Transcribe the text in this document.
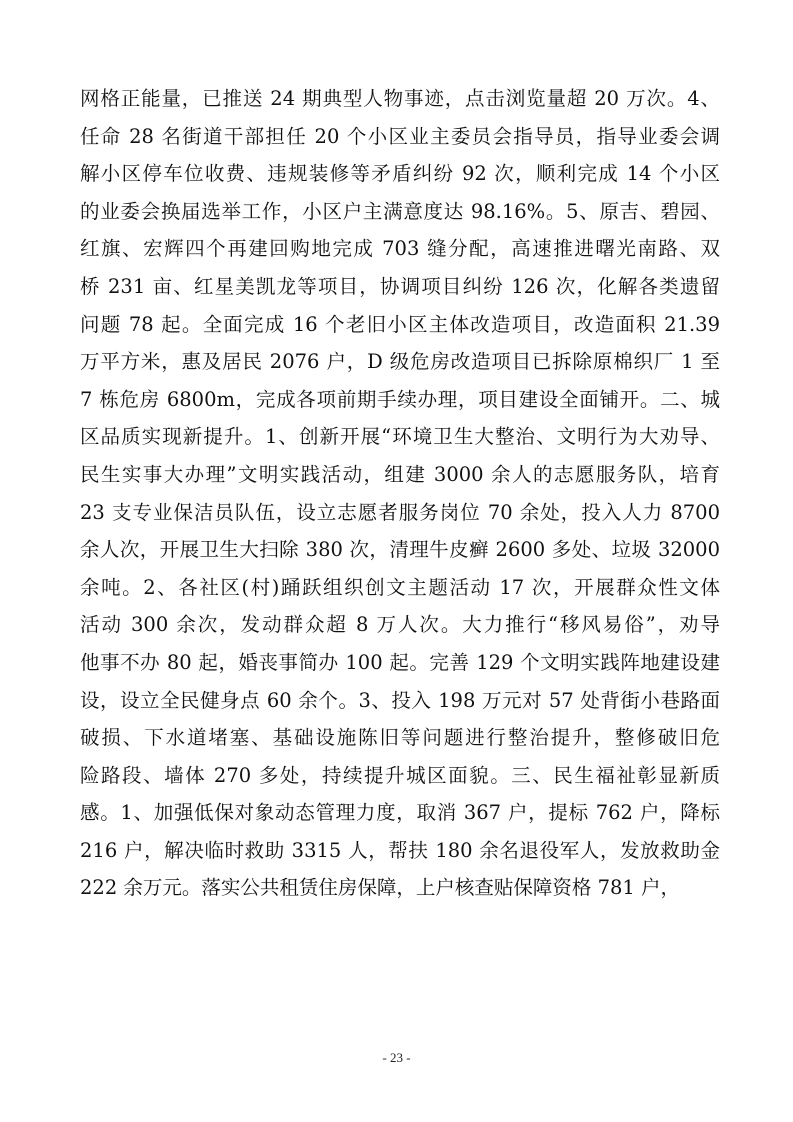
网格正能量，已推送 24 期典型人物事迹，点击浏览量超 20 万次。4、
任命 28 名街道干部担任 20 个小区业主委员会指导员，指导业委会调
解小区停车位收费、违规装修等矛盾纠纷 92 次，顺利完成 14 个小区
的业委会换届选举工作，小区户主满意度达 98.16%。5、原吉、碧园、
红旗、宏辉四个再建回购地完成 703 缝分配，高速推进曙光南路、双
桥 231 亩、红星美凯龙等项目，协调项目纠纷 126 次，化解各类遗留
问题 78 起。全面完成 16 个老旧小区主体改造项目，改造面积 21.39
万平方米，惠及居民 2076 户，D 级危房改造项目已拆除原棉织厂 1 至
7 栋危房 6800m，完成各项前期手续办理，项目建设全面铺开。二、城
区品质实现新提升。1、创新开展“环境卫生大整治、文明行为大劝导、
民生实事大办理”文明实践活动，组建 3000 余人的志愿服务队，培育
23 支专业保洁员队伍，设立志愿者服务岗位 70 余处，投入人力 8700
余人次，开展卫生大扫除 380 次，清理牛皮癣 2600 多处、垃圾 32000
余吨。2、各社区(村)踊跃组织创文主题活动 17 次，开展群众性文体
活动 300 余次，发动群众超 8 万人次。大力推行“移风易俗”，劝导
他事不办 80 起，婚丧事简办 100 起。完善 129 个文明实践阵地建设建
设，设立全民健身点 60 余个。3、投入 198 万元对 57 处背街小巷路面
破损、下水道堵塞、基础设施陈旧等问题进行整治提升，整修破旧危
险路段、墙体 270 多处，持续提升城区面貌。三、民生福祉彰显新质
感。1、加强低保对象动态管理力度，取消 367 户，提标 762 户，降标
216 户，解决临时救助 3315 人，帮扶 180 余名退役军人，发放救助金
222 余万元。落实公共租赁住房保障，上户核查贴保障资格 781 户，
- 23 -
